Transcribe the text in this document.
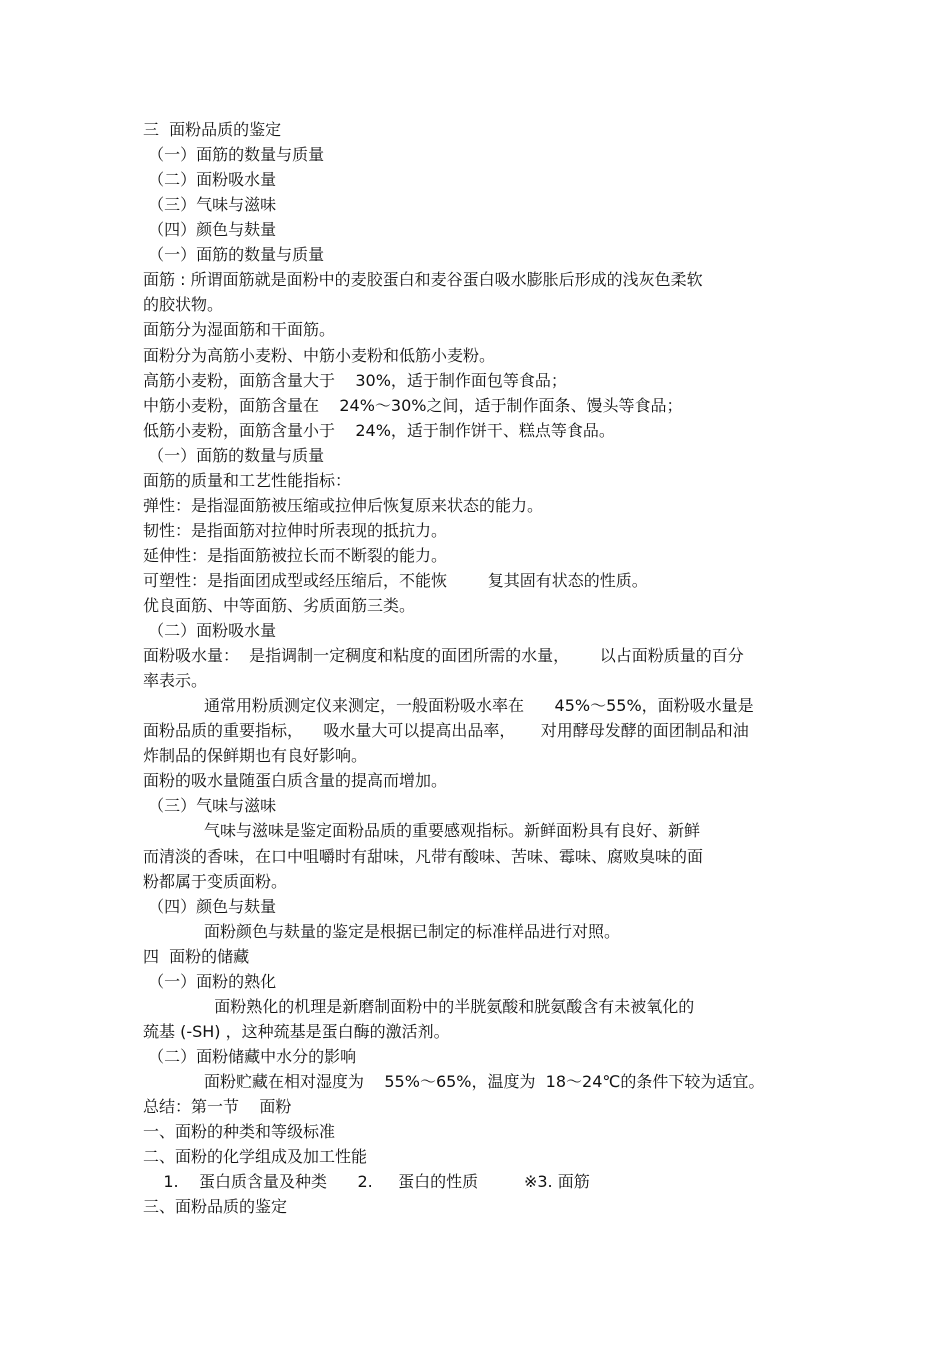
三  面粉品质的鉴定
（一）面筋的数量与质量
（二）面粉吸水量
（三）气味与滋味
（四）颜色与麸量
（一）面筋的数量与质量
面筋 : 所谓面筋就是面粉中的麦胶蛋白和麦谷蛋白吸水膨胀后形成的浅灰色柔软
的胶状物。
面筋分为湿面筋和干面筋。
面粉分为高筋小麦粉、中筋小麦粉和低筋小麦粉。
高筋小麦粉，面筋含量大于    30%，适于制作面包等食品；
中筋小麦粉，面筋含量在    24%～30%之间，适于制作面条、馒头等食品；
低筋小麦粉，面筋含量小于    24%，适于制作饼干、糕点等食品。
（一）面筋的数量与质量
面筋的质量和工艺性能指标：
弹性：是指湿面筋被压缩或拉伸后恢复原来状态的能力。
韧性：是指面筋对拉伸时所表现的抵抗力。
延伸性：是指面筋被拉长而不断裂的能力。
可塑性：是指面团成型或经压缩后，不能恢        复其固有状态的性质。
优良面筋、中等面筋、劣质面筋三类。
（二）面粉吸水量
面粉吸水量：  是指调制一定稠度和粘度的面团所需的水量，      以占面粉质量的百分
率表示。
通常用粉质测定仪来测定，一般面粉吸水率在      45%～55%，面粉吸水量是
面粉品质的重要指标，    吸水量大可以提高出品率，     对用酵母发酵的面团制品和油
炸制品的保鲜期也有良好影响。
面粉的吸水量随蛋白质含量的提高而增加。
（三）气味与滋味
气味与滋味是鉴定面粉品质的重要感观指标。新鲜面粉具有良好、新鲜
而清淡的香味，在口中咀嚼时有甜味，凡带有酸味、苦味、霉味、腐败臭味的面
粉都属于变质面粉。
（四）颜色与麸量
面粉颜色与麸量的鉴定是根据已制定的标准样品进行对照。
四  面粉的储藏
（一）面粉的熟化
面粉熟化的机理是新磨制面粉中的半胱氨酸和胱氨酸含有未被氧化的
巯基 (-SH) ，这种巯基是蛋白酶的激活剂。
（二）面粉储藏中水分的影响
面粉贮藏在相对湿度为    55%～65%，温度为  18～24℃的条件下较为适宜。
总结：第一节    面粉
一、面粉的种类和等级标准
二、面粉的化学组成及加工性能
1.    蛋白质含量及种类      2.     蛋白的性质         ※3. 面筋
三、面粉品质的鉴定
